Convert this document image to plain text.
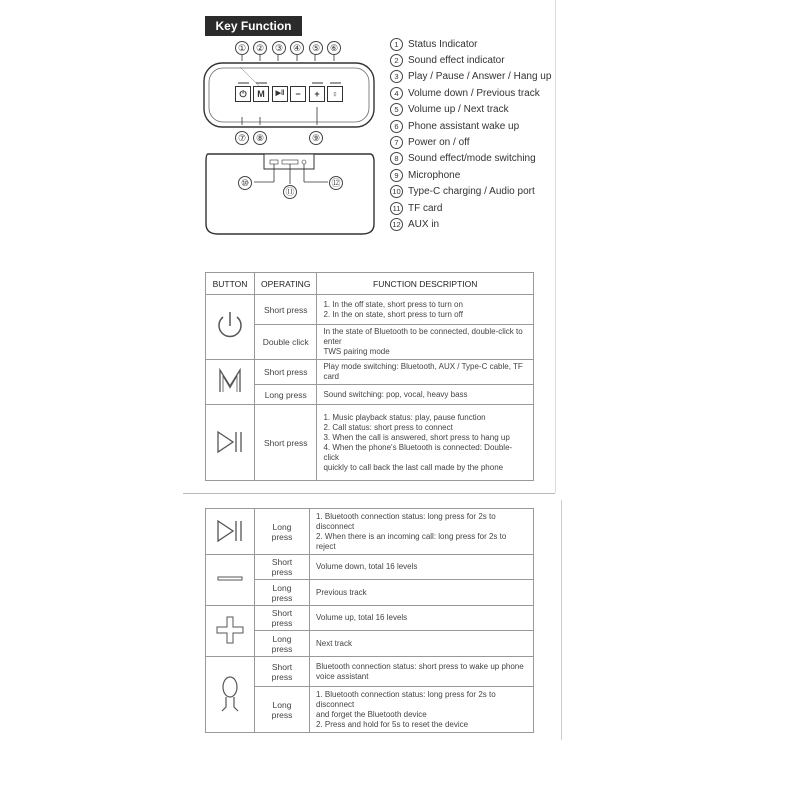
Key Function
①	②	③	④	⑤	⑥
⏻	M	▶‖	−	+	♀
⑦	⑧	⑨
⑩
⑪
⑫
1 Status Indicator
2 Sound effect indicator
3 Play / Pause / Answer / Hang up
4 Volume down / Previous track
5 Volume up / Next track
6 Phone assistant wake up
7 Power on / off
8 Sound effect/mode switching
9 Microphone
10 Type-C charging / Audio port
11 TF card
12 AUX in
BUTTON	OPERATING	FUNCTION DESCRIPTION
	Short press	1. In the off state, short press to turn on
2. In the on state, short press to turn off
	Double click	In the state of Bluetooth to be connected, double-click to enter
TWS pairing mode
	Short press	Play mode switching: Bluetooth, AUX / Type-C cable, TF card
	Long press	Sound switching: pop, vocal, heavy bass
	Short press	1. Music playback status: play, pause function
2. Call status: short press to connect
3. When the call is answered, short press to hang up
4. When the phone's Bluetooth is connected: Double-click
quickly to call back the last call made by the phone
	Long press	1. Bluetooth connection status: long press for 2s to disconnect
2. When there is an incoming call: long press for 2s to reject
	Short press	Volume down, total 16 levels
	Long press	Previous track
	Short press	Volume up, total 16 levels
	Long press	Next track
	Short press	Bluetooth connection status: short press to wake up phone
voice assistant
	Long press	1. Bluetooth connection status: long press for 2s to disconnect
and forget the Bluetooth device
2. Press and hold for 5s to reset the device
